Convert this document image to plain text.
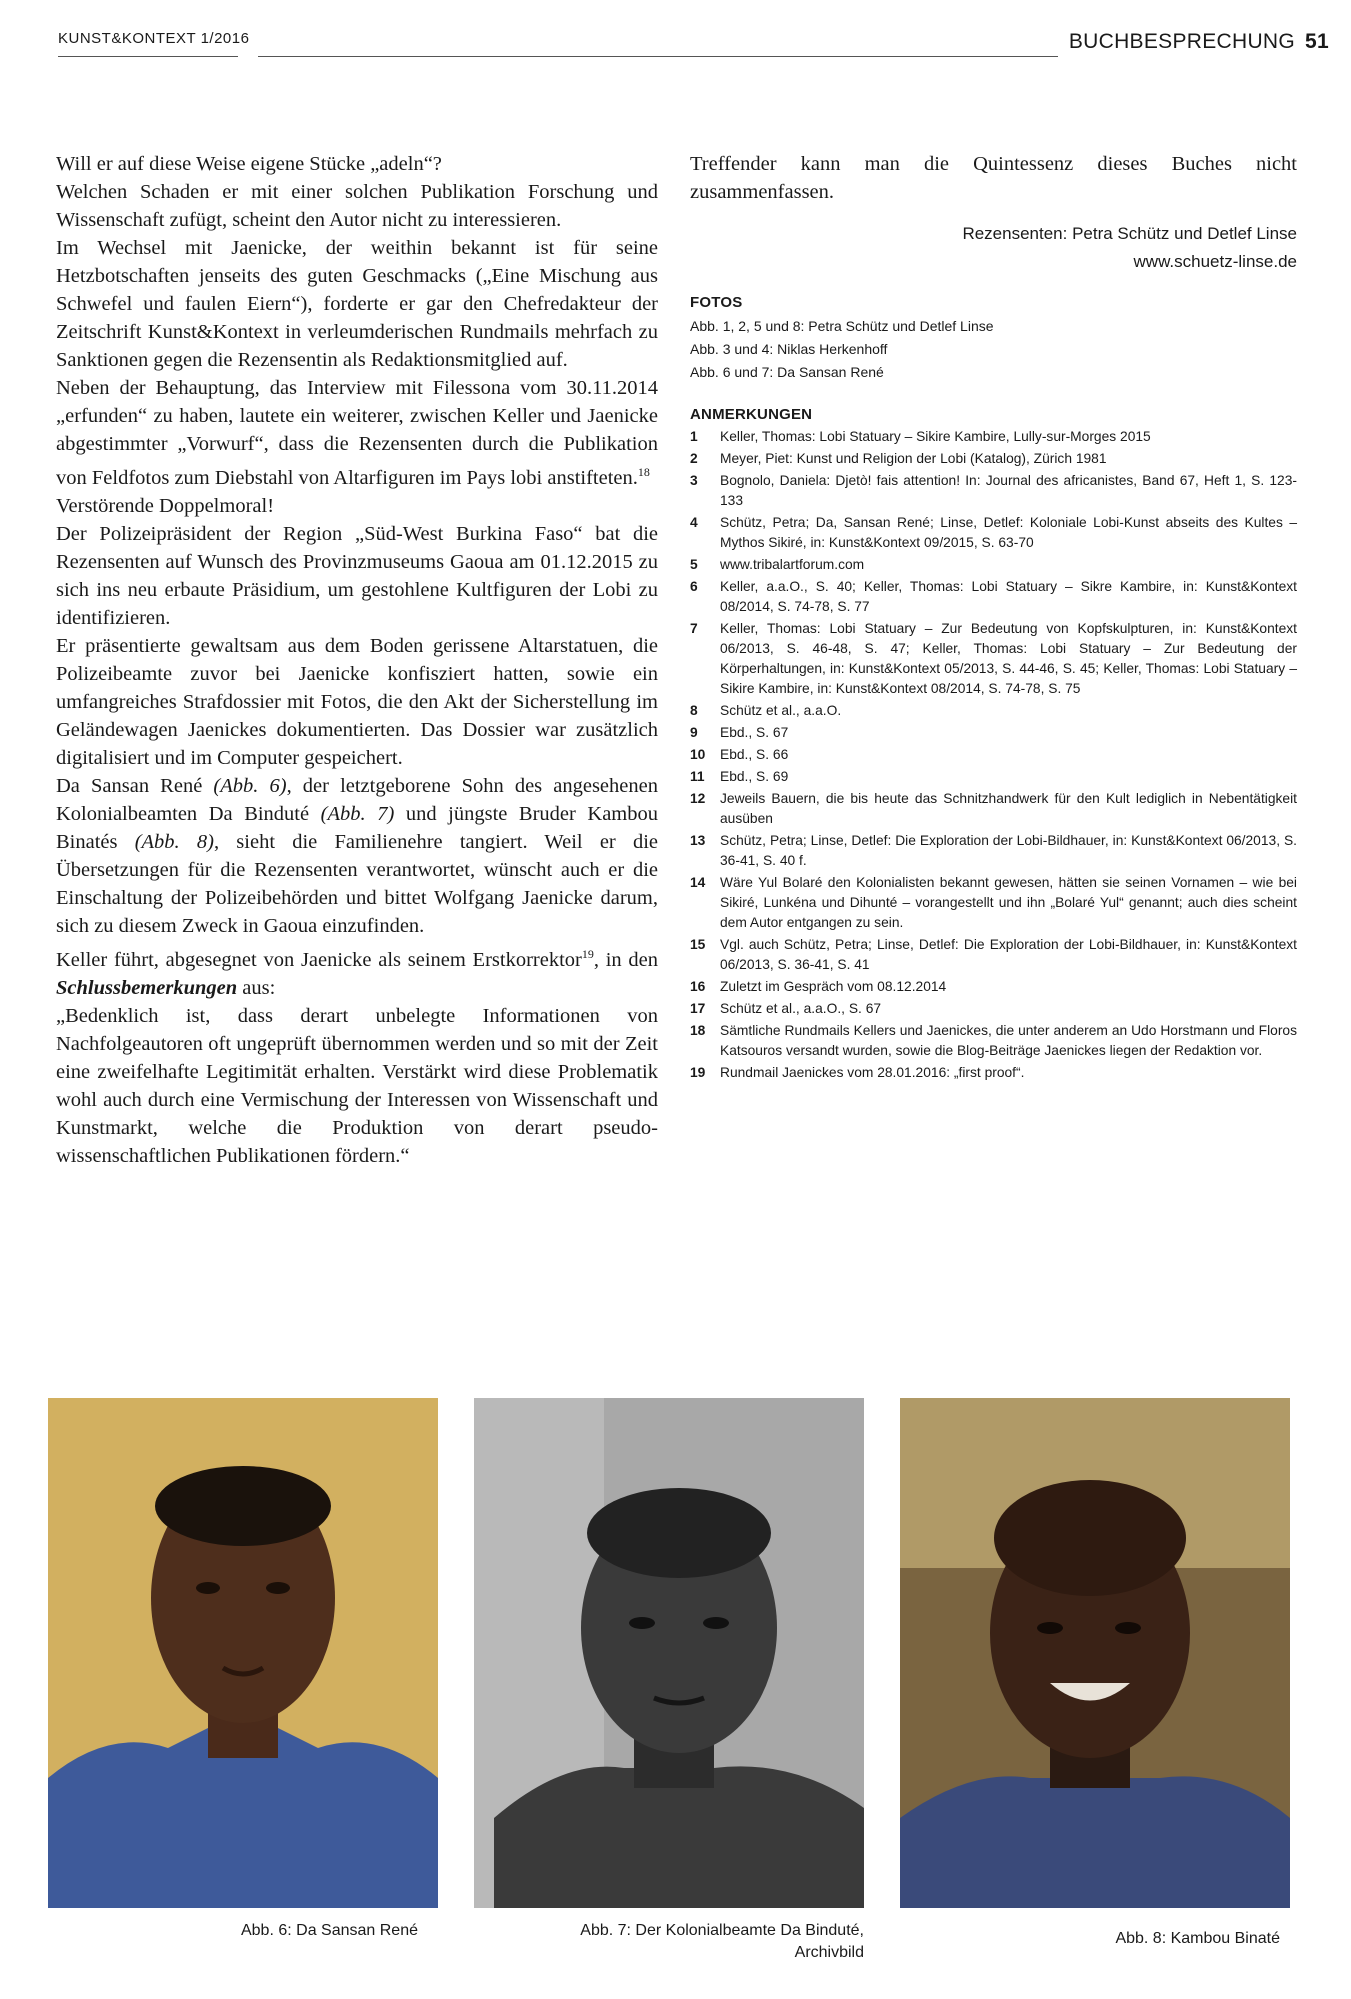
KUNST&KONTEXT 1/2016	BUCHBESPRECHUNG 51

Will er auf diese Weise eigene Stücke „adeln“?

Welchen Schaden er mit einer solchen Publikation Forschung und Wissenschaft zufügt, scheint den Autor nicht zu interessieren.

Im Wechsel mit Jaenicke, der weithin bekannt ist für seine Hetzbotschaften jenseits des guten Geschmacks („Eine Mischung aus Schwefel und faulen Eiern“), forderte er gar den Chefredakteur der Zeitschrift Kunst&Kontext in verleumderischen Rundmails mehrfach zu Sanktionen gegen die Rezensentin als Redaktionsmitglied auf.

Neben der Behauptung, das Interview mit Filessona vom 30.11.2014 „erfunden“ zu haben, lautete ein weiterer, zwischen Keller und Jaenicke abgestimmter „Vorwurf“, dass die Rezensenten durch die Publikation von Feldfotos zum Diebstahl von Altarfiguren im Pays lobi anstifteten.$^{18}$

Verstörende Doppelmoral!

Der Polizeipräsident der Region „Süd-West Burkina Faso“ bat die Rezensenten auf Wunsch des Provinzmuseums Gaoua am 01.12.2015 zu sich ins neu erbaute Präsidium, um gestohlene Kultfiguren der Lobi zu identifizieren.

Er präsentierte gewaltsam aus dem Boden gerissene Altarstatuen, die Polizeibeamte zuvor bei Jaenicke konfisziert hatten, sowie ein umfangreiches Strafdossier mit Fotos, die den Akt der Sicherstellung im Geländewagen Jaenickes dokumentierten. Das Dossier war zusätzlich digitalisiert und im Computer gespeichert.

Da Sansan René (Abb. 6), der letztgeborene Sohn des angesehenen Kolonialbeamten Da Binduté (Abb. 7) und jüngste Bruder Kambou Binatés (Abb. 8), sieht die Familienehre tangiert. Weil er die Übersetzungen für die Rezensenten verantwortet, wünscht auch er die Einschaltung der Polizeibehörden und bittet Wolfgang Jaenicke darum, sich zu diesem Zweck in Gaoua einzufinden.

Keller führt, abgesegnet von Jaenicke als seinem Erstkorrektor$^{19}$, in den Schlussbemerkungen aus:

„Bedenklich ist, dass derart unbelegte Informationen von Nachfolgeautoren oft ungeprüft übernommen werden und so mit der Zeit eine zweifelhafte Legitimität erhalten. Verstärkt wird diese Problematik wohl auch durch eine Vermischung der Interessen von Wissenschaft und Kunstmarkt, welche die Produktion von derart pseudo-wissenschaftlichen Publikationen fördern.“

Treffender kann man die Quintessenz dieses Buches nicht zusammenfassen.

Rezensenten: Petra Schütz und Detlef Linse
www.schuetz-linse.de
FOTOS
Abb. 1, 2, 5 und 8: Petra Schütz und Detlef Linse
Abb. 3 und 4: Niklas Herkenhoff
Abb. 6 und 7: Da Sansan René
ANMERKUNGEN
1	Keller, Thomas: Lobi Statuary – Sikire Kambire, Lully-sur-Morges 2015
2	Meyer, Piet: Kunst und Religion der Lobi (Katalog), Zürich 1981
3	Bognolo, Daniela: Djetò! fais attention! In: Journal des africanistes, Band 67, Heft 1, S. 123-133
4	Schütz, Petra; Da, Sansan René; Linse, Detlef: Koloniale Lobi-Kunst abseits des Kultes – Mythos Sikiré, in: Kunst&Kontext 09/2015, S. 63-70
5	www.tribalartforum.com
6	Keller, a.a.O., S. 40; Keller, Thomas: Lobi Statuary – Sikre Kambire, in: Kunst&Kontext 08/2014, S. 74-78, S. 77
7	Keller, Thomas: Lobi Statuary – Zur Bedeutung von Kopfskulpturen, in: Kunst&Kontext 06/2013, S. 46-48, S. 47; Keller, Thomas: Lobi Statuary – Zur Bedeutung der Körperhaltungen, in: Kunst&Kontext 05/2013, S. 44-46, S. 45; Keller, Thomas: Lobi Statuary – Sikire Kambire, in: Kunst&Kontext 08/2014, S. 74-78, S. 75
8	Schütz et al., a.a.O.
9	Ebd., S. 67
10	Ebd., S. 66
11	Ebd., S. 69
12	Jeweils Bauern, die bis heute das Schnitzhandwerk für den Kult lediglich in Nebentätigkeit ausüben
13	Schütz, Petra; Linse, Detlef: Die Exploration der Lobi-Bildhauer, in: Kunst&Kontext 06/2013, S. 36-41, S. 40 f.
14	Wäre Yul Bolaré den Kolonialisten bekannt gewesen, hätten sie seinen Vornamen – wie bei Sikiré, Lunkéna und Dihunté – vorangestellt und ihn „Bolaré Yul“ genannt; auch dies scheint dem Autor entgangen zu sein.
15	Vgl. auch Schütz, Petra; Linse, Detlef: Die Exploration der Lobi-Bildhauer, in: Kunst&Kontext 06/2013, S. 36-41, S. 41
16	Zuletzt im Gespräch vom 08.12.2014
17	Schütz et al., a.a.O., S. 67
18	Sämtliche Rundmails Kellers und Jaenickes, die unter anderem an Udo Horstmann und Floros Katsouros versandt wurden, sowie die Blog-Beiträge Jaenickes liegen der Redaktion vor.
19	Rundmail Jaenickes vom 28.01.2016: „first proof“.
Abb. 6: Da Sansan René	Abb. 7: Der Kolonialbeamte Da Binduté,
Archivbild
Abb. 8: Kambou Binaté
